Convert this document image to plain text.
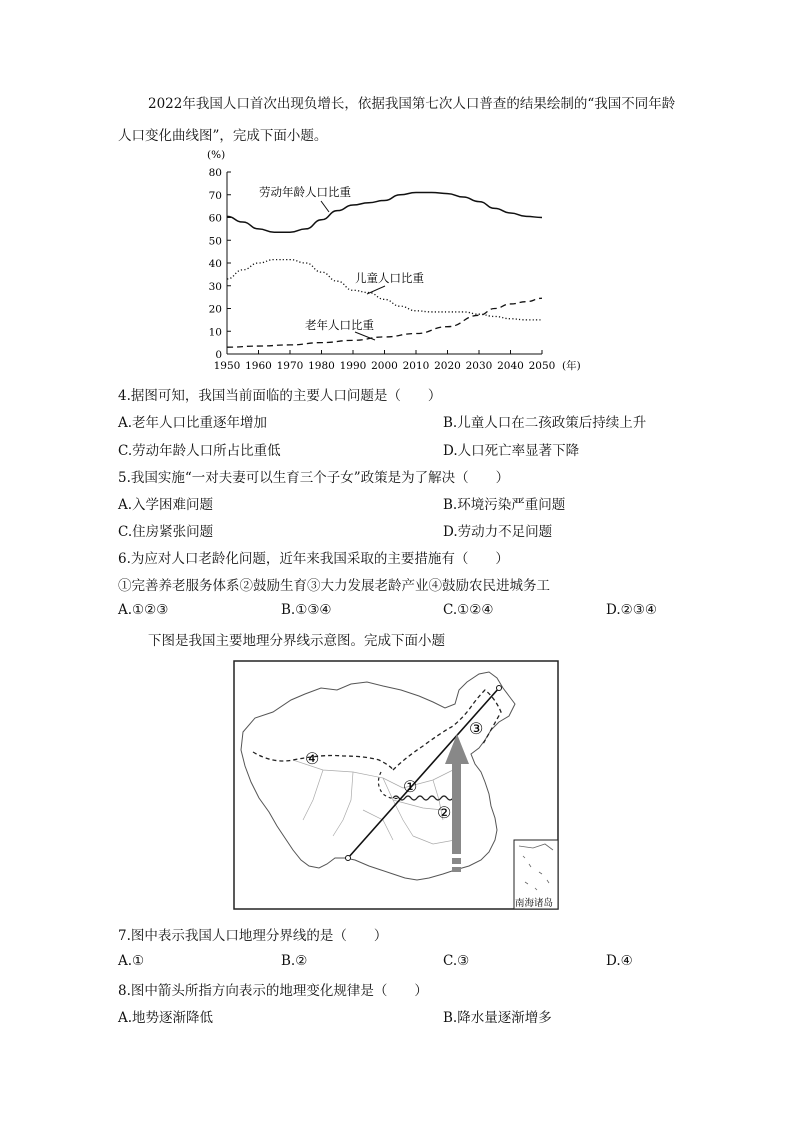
2022年我国人口首次出现负增长，依据我国第七次人口普查的结果绘制的“我国不同年龄人口变化曲线图”，完成下面小题。
0
10
20
30
40
50
60
70
80
1950 1960 1970 1980 1990 2000 2010 2020 2030 2040 2050
(%)
(年)
劳动年龄人口比重
儿童人口比重
老年人口比重
4.据图可知，我国当前面临的主要人口问题是（　　）
A.老年人口比重逐年增加	B.儿童人口在二孩政策后持续上升
C.劳动年龄人口所占比重低	D.人口死亡率显著下降
5.我国实施“一对夫妻可以生育三个子女”政策是为了解决（　　）
A.入学困难问题	B.环境污染严重问题
C.住房紧张问题	D.劳动力不足问题
6.为应对人口老龄化问题，近年来我国采取的主要措施有（　　）
①完善养老服务体系②鼓励生育③大力发展老龄产业④鼓励农民进城务工
A.①②③	B.①③④	C.①②④	D.②③④
下图是我国主要地理分界线示意图。完成下面小题
④
①
②
③
南海诸岛
7.图中表示我国人口地理分界线的是（　　）
A.①	B.②	C.③	D.④
8.图中箭头所指方向表示的地理变化规律是（　　）
A.地势逐渐降低	B.降水量逐渐增多
